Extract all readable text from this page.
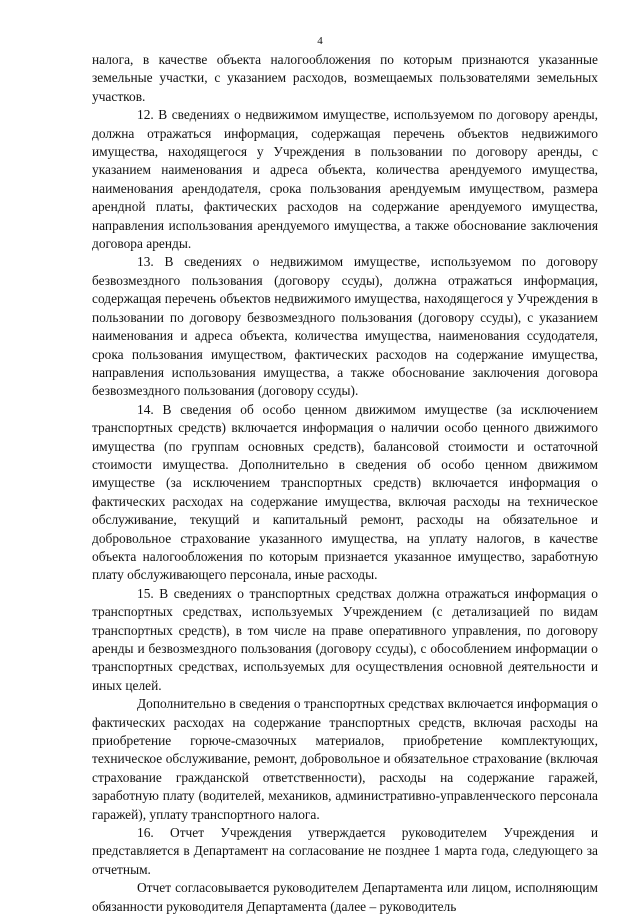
4

налога, в качестве объекта налогообложения по которым признаются указанные земельные участки, с указанием расходов, возмещаемых пользователями земельных участков.

12. В сведениях о недвижимом имуществе, используемом по договору аренды, должна отражаться информация, содержащая перечень объектов недвижимого имущества, находящегося у Учреждения в пользовании по договору аренды, с указанием наименования и адреса объекта, количества арендуемого имущества, наименования арендодателя, срока пользования арендуемым имуществом, размера арендной платы, фактических расходов на содержание арендуемого имущества, направления использования арендуемого имущества, а также обоснование заключения договора аренды.

13. В сведениях о недвижимом имуществе, используемом по договору безвозмездного пользования (договору ссуды), должна отражаться информация, содержащая перечень объектов недвижимого имущества, находящегося у Учреждения в пользовании по договору безвозмездного пользования (договору ссуды), с указанием наименования и адреса объекта, количества имущества, наименования ссудодателя, срока пользования имуществом, фактических расходов на содержание имущества, направления использования имущества, а также обоснование заключения договора безвозмездного пользования (договору ссуды).

14. В сведения об особо ценном движимом имуществе (за исключением транспортных средств) включается информация о наличии особо ценного движимого имущества (по группам основных средств), балансовой стоимости и остаточной стоимости имущества. Дополнительно в сведения об особо ценном движимом имуществе (за исключением транспортных средств) включается информация о фактических расходах на содержание имущества, включая расходы на техническое обслуживание, текущий и капитальный ремонт, расходы на обязательное и добровольное страхование указанного имущества, на уплату налогов, в качестве объекта налогообложения по которым признается указанное имущество, заработную плату обслуживающего персонала, иные расходы.

15. В сведениях о транспортных средствах должна отражаться информация о транспортных средствах, используемых Учреждением (с детализацией по видам транспортных средств), в том числе на праве оперативного управления, по договору аренды и безвозмездного пользования (договору ссуды), с обособлением информации о транспортных средствах, используемых для осуществления основной деятельности и иных целей.

Дополнительно в сведения о транспортных средствах включается информация о фактических расходах на содержание транспортных средств, включая расходы на приобретение горюче-смазочных материалов, приобретение комплектующих, техническое обслуживание, ремонт, добровольное и обязательное страхование (включая страхование гражданской ответственности), расходы на содержание гаражей, заработную плату (водителей, механиков, административно-управленческого персонала гаражей), уплату транспортного налога.

16. Отчет Учреждения утверждается руководителем Учреждения и представляется в Департамент на согласование не позднее 1 марта года, следующего за отчетным.

Отчет согласовывается руководителем Департамента или лицом, исполняющим обязанности руководителя Департамента (далее – руководитель
